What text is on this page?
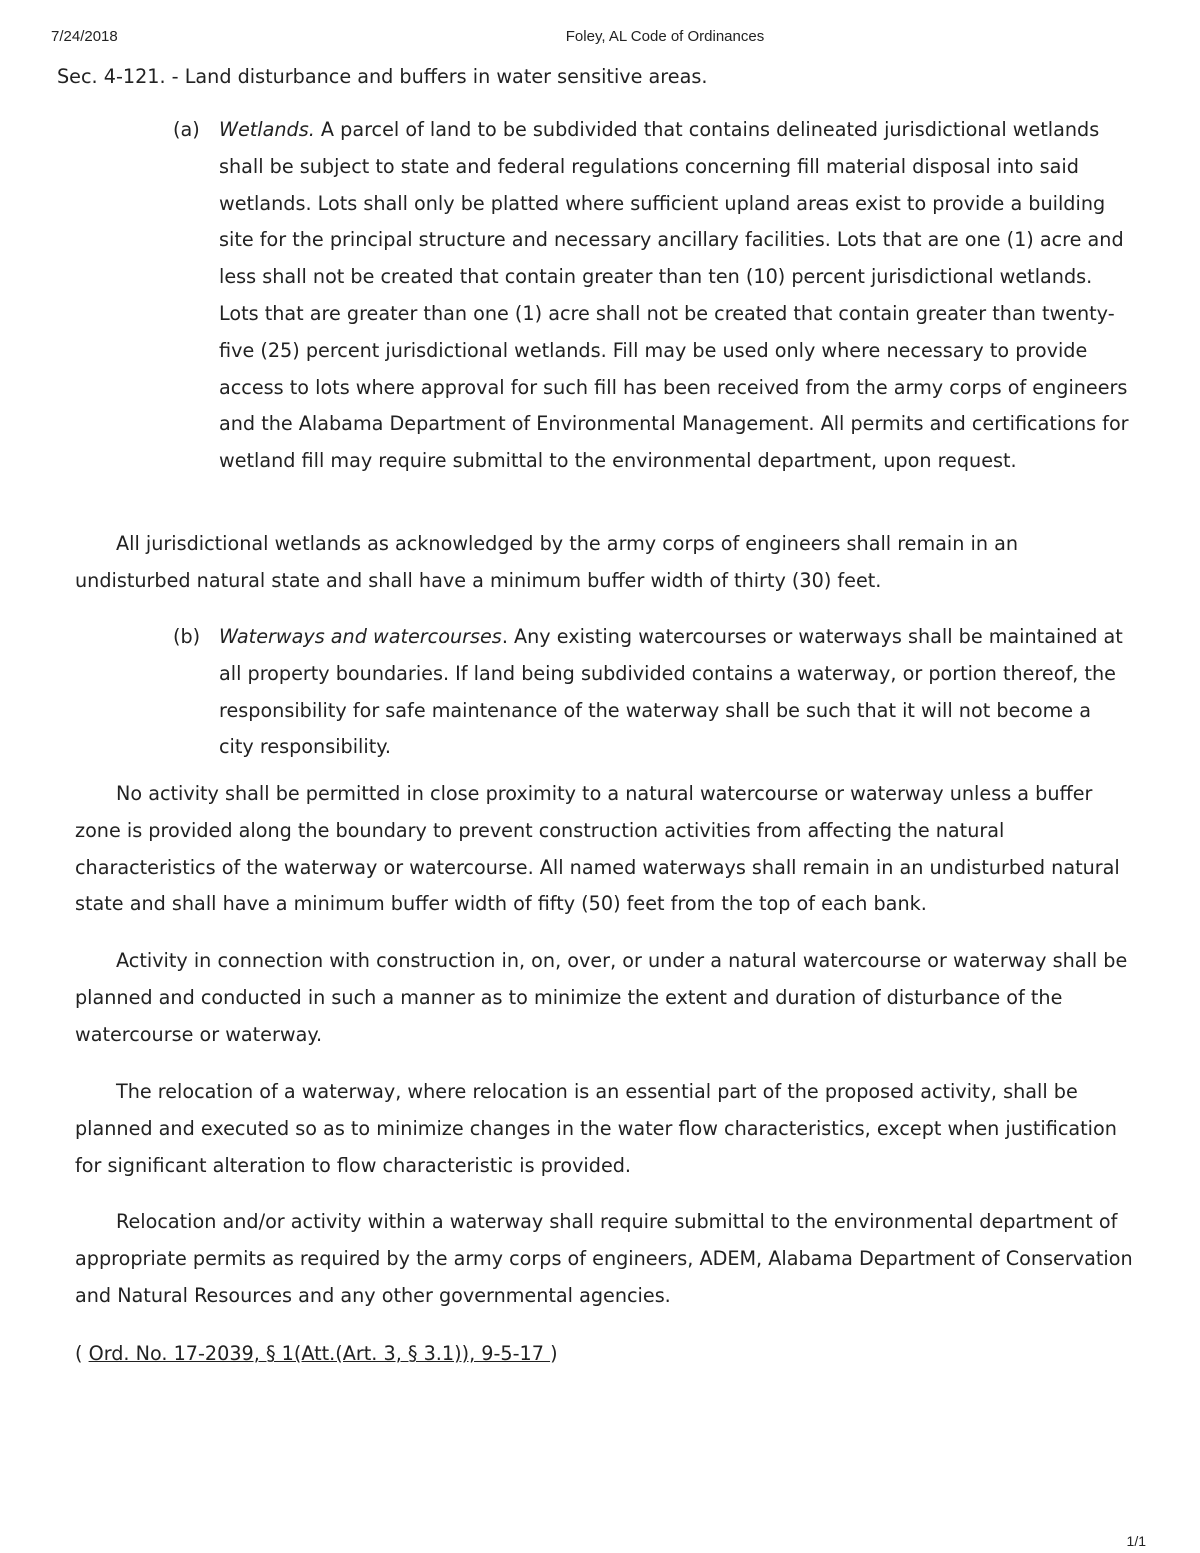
7/24/2018	Foley, AL Code of Ordinances
Sec. 4-121. - Land disturbance and buffers in water sensitive areas.
(a) Wetlands. A parcel of land to be subdivided that contains delineated jurisdictional wetlands shall be subject to state and federal regulations concerning fill material disposal into said wetlands. Lots shall only be platted where sufficient upland areas exist to provide a building site for the principal structure and necessary ancillary facilities. Lots that are one (1) acre and less shall not be created that contain greater than ten (10) percent jurisdictional wetlands. Lots that are greater than one (1) acre shall not be created that contain greater than twenty-five (25) percent jurisdictional wetlands. Fill may be used only where necessary to provide access to lots where approval for such fill has been received from the army corps of engineers and the Alabama Department of Environmental Management. All permits and certifications for wetland fill may require submittal to the environmental department, upon request.

All jurisdictional wetlands as acknowledged by the army corps of engineers shall remain in an undisturbed natural state and shall have a minimum buffer width of thirty (30) feet.

(b) Waterways and watercourses. Any existing watercourses or waterways shall be maintained at all property boundaries. If land being subdivided contains a waterway, or portion thereof, the responsibility for safe maintenance of the waterway shall be such that it will not become a city responsibility.

No activity shall be permitted in close proximity to a natural watercourse or waterway unless a buffer zone is provided along the boundary to prevent construction activities from affecting the natural characteristics of the waterway or watercourse. All named waterways shall remain in an undisturbed natural state and shall have a minimum buffer width of fifty (50) feet from the top of each bank.

Activity in connection with construction in, on, over, or under a natural watercourse or waterway shall be planned and conducted in such a manner as to minimize the extent and duration of disturbance of the watercourse or waterway.

The relocation of a waterway, where relocation is an essential part of the proposed activity, shall be planned and executed so as to minimize changes in the water flow characteristics, except when justification for significant alteration to flow characteristic is provided.

Relocation and/or activity within a waterway shall require submittal to the environmental department of appropriate permits as required by the army corps of engineers, ADEM, Alabama Department of Conservation and Natural Resources and any other governmental agencies.

( Ord. No. 17-2039, § 1(Att.(Art. 3, § 3.1)), 9-5-17 )
1/1
